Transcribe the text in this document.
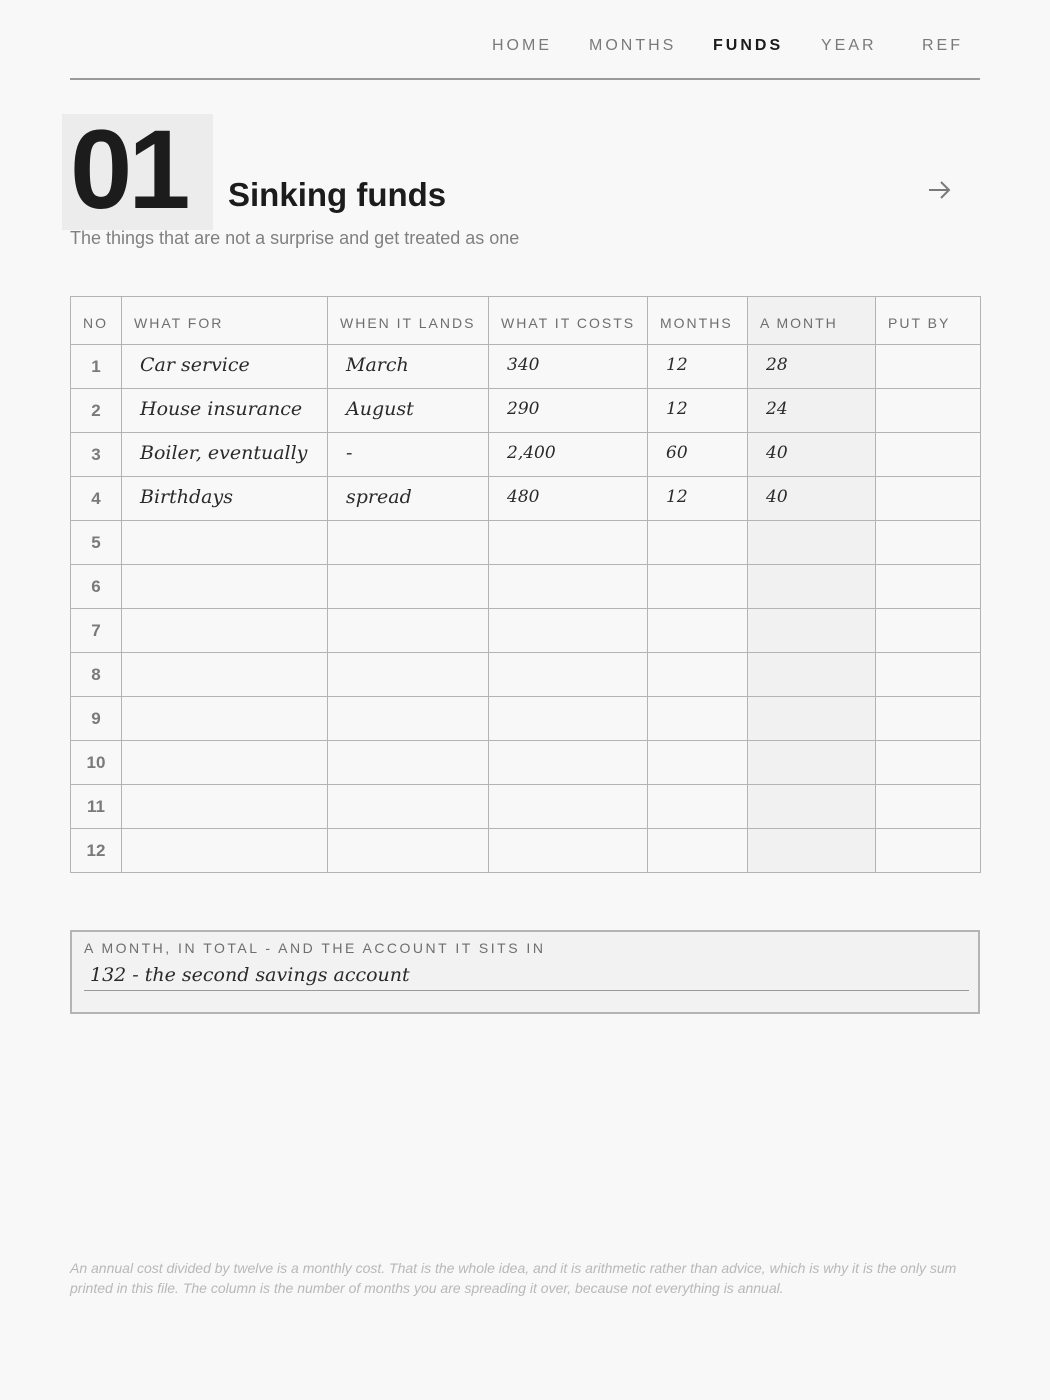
HOME MONTHS FUNDS YEAR	REF
01 Sinking funds
The things that are not a surprise and get treated as one
NO	WHAT FOR	WHEN IT LANDS	WHAT IT COSTS	MONTHS	A MONTH	PUT BY
1	Car service	March	340	12	28	
2	House insurance	August	290	12	24	
3	Boiler, eventually	-	2,400	60	40	
4	Birthdays	spread	480	12	40	
5						
6						
7						
8						
9						
10						
11						
12						
A MONTH, IN TOTAL - AND THE ACCOUNT IT SITS IN
132 - the second savings account
An annual cost divided by twelve is a monthly cost. That is the whole idea, and it is arithmetic rather than advice, which is why it is the only sum printed in this file. The column is the number of months you are spreading it over, because not everything is annual.
